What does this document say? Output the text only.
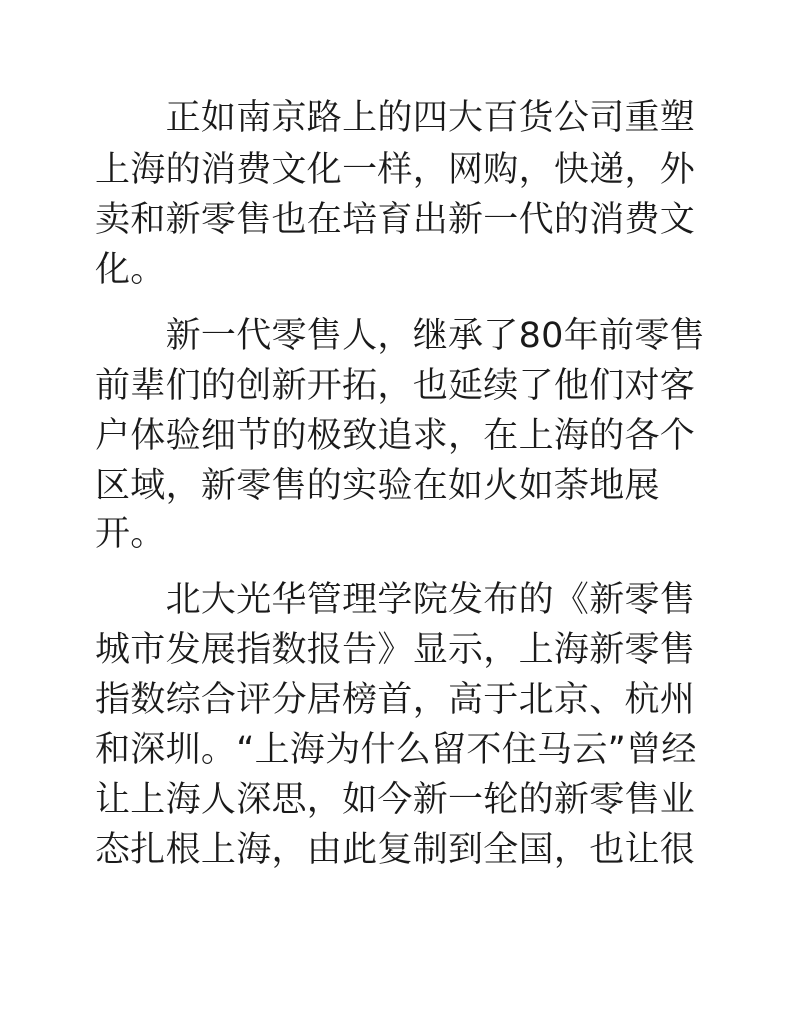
　　正如南京路上的四大百货公司重塑
上海的消费文化一样，网购，快递，外
卖和新零售也在培育出新一代的消费文
化。
　　新一代零售人，继承了80年前零售
前辈们的创新开拓，也延续了他们对客
户体验细节的极致追求，在上海的各个
区域，新零售的实验在如火如荼地展
开。
　　北大光华管理学院发布的《新零售
城市发展指数报告》显示，上海新零售
指数综合评分居榜首，高于北京、杭州
和深圳。“上海为什么留不住马云”曾经
让上海人深思，如今新一轮的新零售业
态扎根上海，由此复制到全国，也让很
